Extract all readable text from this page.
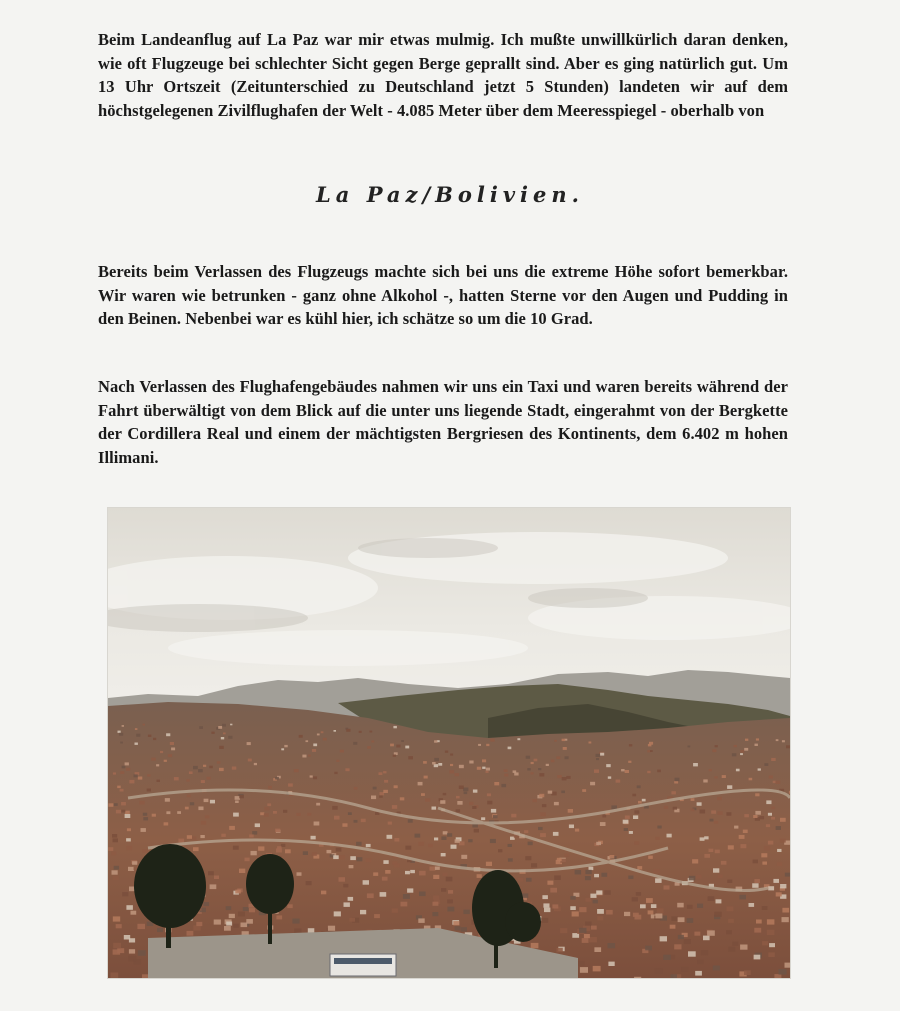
Beim Landeanflug auf La Paz war mir etwas mulmig. Ich mußte unwillkürlich daran denken, wie oft Flugzeuge bei schlechter Sicht gegen Berge geprallt sind. Aber es ging natürlich gut. Um 13 Uhr Ortszeit (Zeitunterschied zu Deutschland jetzt 5 Stunden) landeten wir auf dem höchstgelegenen Zivilflughafen der Welt - 4.085 Meter über dem Meeresspiegel - oberhalb von

La Paz/Bolivien.

Bereits beim Verlassen des Flugzeugs machte sich bei uns die extreme Höhe sofort bemerkbar. Wir waren wie betrunken - ganz ohne Alkohol -, hatten Sterne vor den Augen und Pudding in den Beinen. Nebenbei war es kühl hier, ich schätze so um die 10 Grad.

Nach Verlassen des Flughafengebäudes nahmen wir uns ein Taxi und waren bereits während der Fahrt überwältigt von dem Blick auf die unter uns liegende Stadt, eingerahmt von der Bergkette der Cordillera Real und einem der mächtigsten Bergriesen des Kontinents, dem 6.402 m hohen Illimani.
